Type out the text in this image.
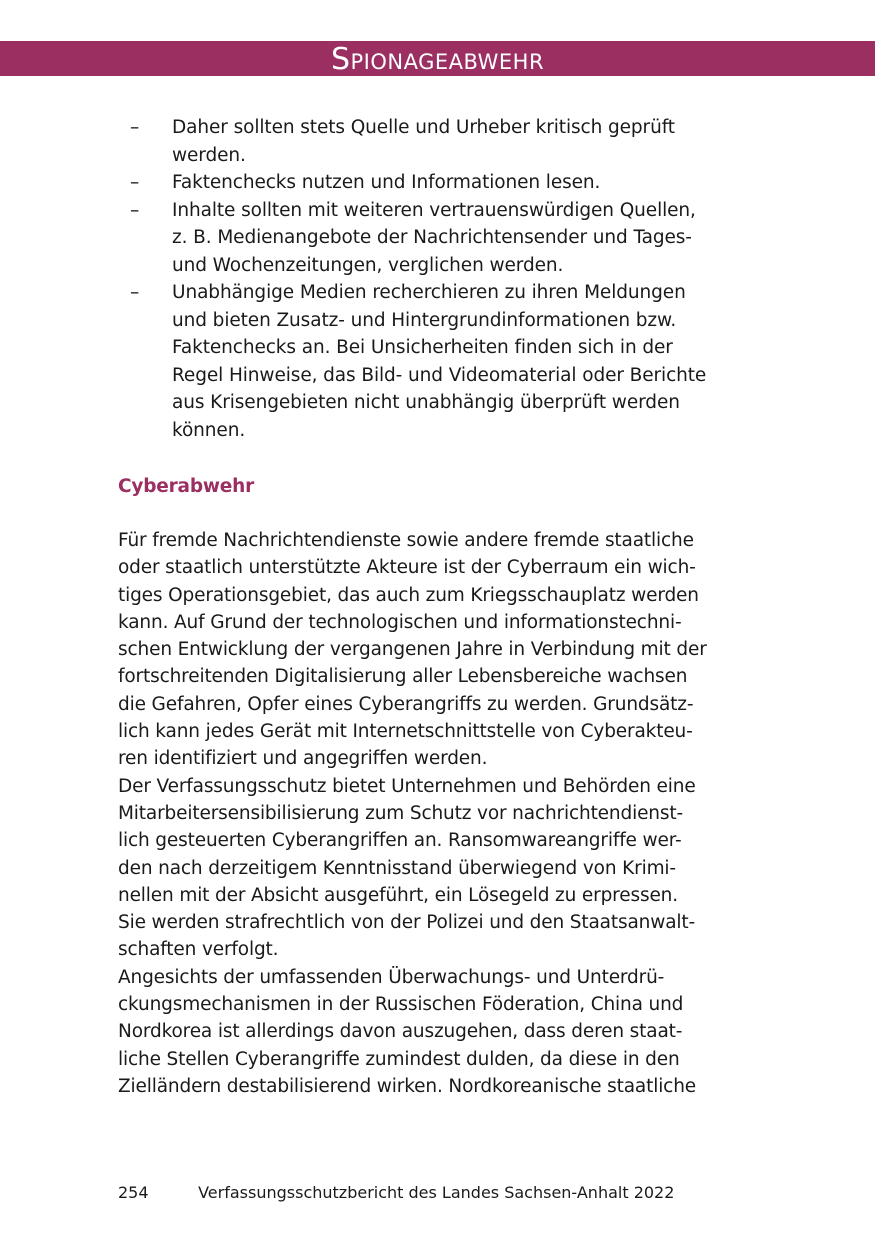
Spionageabwehr
– Daher sollten stets Quelle und Urheber kritisch geprüft
werden.
– Faktenchecks nutzen und Informationen lesen.
– Inhalte sollten mit weiteren vertrauenswürdigen Quellen,
z. B. Medienangebote der Nachrichtensender und Tages-
und Wochenzeitungen, verglichen werden.
– Unabhängige Medien recherchieren zu ihren Meldungen
und bieten Zusatz- und Hintergrundinformationen bzw.
Faktenchecks an. Bei Unsicherheiten finden sich in der
Regel Hinweise, das Bild- und Videomaterial oder Berichte
aus Krisengebieten nicht unabhängig überprüft werden
können.
Cyberabwehr
Für fremde Nachrichtendienste sowie andere fremde staatliche
oder staatlich unterstützte Akteure ist der Cyberraum ein wich-
tiges Operationsgebiet, das auch zum Kriegsschauplatz werden
kann. Auf Grund der technologischen und informationstechni-
schen Entwicklung der vergangenen Jahre in Verbindung mit der
fortschreitenden Digitalisierung aller Lebensbereiche wachsen
die Gefahren, Opfer eines Cyberangriffs zu werden. Grundsätz-
lich kann jedes Gerät mit Internetschnittstelle von Cyberakteu-
ren identifiziert und angegriffen werden.
Der Verfassungsschutz bietet Unternehmen und Behörden eine
Mitarbeitersensibilisierung zum Schutz vor nachrichtendienst-
lich gesteuerten Cyberangriffen an. Ransomwareangriffe wer-
den nach derzeitigem Kenntnisstand überwiegend von Krimi-
nellen mit der Absicht ausgeführt, ein Lösegeld zu erpressen.
Sie werden strafrechtlich von der Polizei und den Staatsanwalt-
schaften verfolgt.
Angesichts der umfassenden Überwachungs- und Unterdrü-
ckungsmechanismen in der Russischen Föderation, China und
Nordkorea ist allerdings davon auszugehen, dass deren staat-
liche Stellen Cyberangriffe zumindest dulden, da diese in den
Zielländern destabilisierend wirken. Nordkoreanische staatliche
254	Verfassungsschutzbericht des Landes Sachsen-Anhalt 2022
